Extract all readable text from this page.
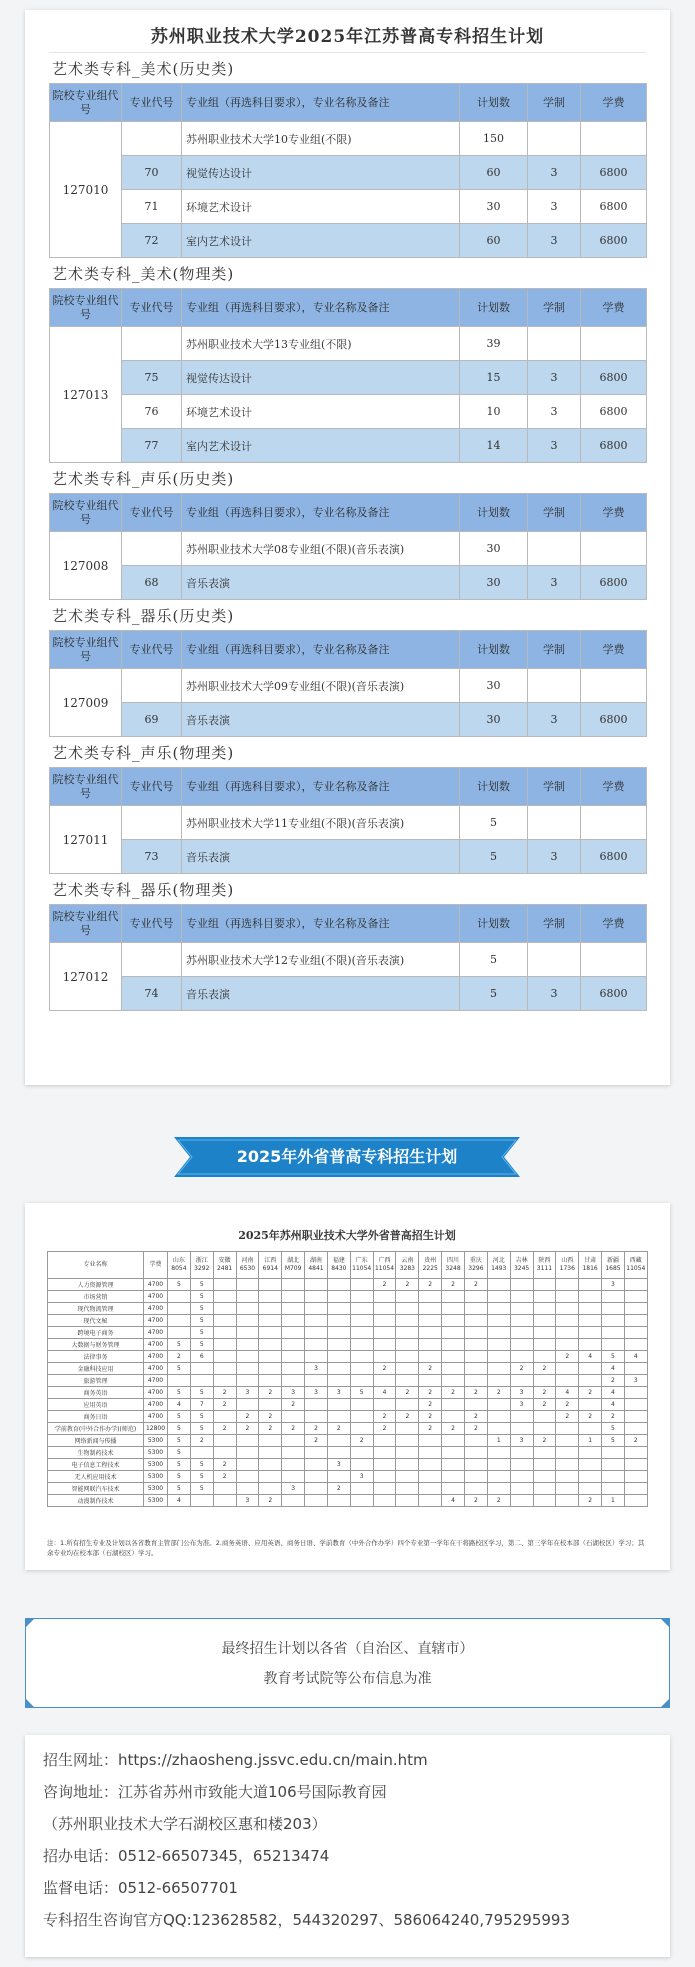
苏州职业技术大学2025年江苏普高专科招生计划
艺术类专科_美术(历史类)
院校专业组代号	专业代号	专业组（再选科目要求），专业名称及备注	计划数	学制	学费
127010		苏州职业技术大学10专业组(不限)	150		
	70	视觉传达设计	60	3	6800
	71	环境艺术设计	30	3	6800
	72	室内艺术设计	60	3	6800
艺术类专科_美术(物理类)
院校专业组代号	专业代号	专业组（再选科目要求），专业名称及备注	计划数	学制	学费
127013		苏州职业技术大学13专业组(不限)	39		
	75	视觉传达设计	15	3	6800
	76	环境艺术设计	10	3	6800
	77	室内艺术设计	14	3	6800
艺术类专科_声乐(历史类)
院校专业组代号	专业代号	专业组（再选科目要求），专业名称及备注	计划数	学制	学费
127008		苏州职业技术大学08专业组(不限)(音乐表演)	30		
	68	音乐表演	30	3	6800
艺术类专科_器乐(历史类)
院校专业组代号	专业代号	专业组（再选科目要求），专业名称及备注	计划数	学制	学费
127009		苏州职业技术大学09专业组(不限)(音乐表演)	30		
	69	音乐表演	30	3	6800
艺术类专科_声乐(物理类)
院校专业组代号	专业代号	专业组（再选科目要求），专业名称及备注	计划数	学制	学费
127011		苏州职业技术大学11专业组(不限)(音乐表演)	5		
	73	音乐表演	5	3	6800
艺术类专科_器乐(物理类)
院校专业组代号	专业代号	专业组（再选科目要求），专业名称及备注	计划数	学制	学费
127012		苏州职业技术大学12专业组(不限)(音乐表演)	5		
	74	音乐表演	5	3	6800
2025年外省普高专科招生计划
2025年苏州职业技术大学外省普高招生计划
专业名称	学费	山东 8054	浙江 3292	安徽 2481	河南 6530	江西 6914	湖北 M709	湖南 4841	福建 8430	广东 11054	广西 11054	云南 3283	贵州 2225	四川 3248	重庆 3296	河北 1493	吉林 3245	陕西 3111	山西 1736	甘肃 1816	新疆 1685	西藏 11054
人力资源管理	4700	5	5								2	2	2	2	2						3	
市场营销	4700		5																			
现代物流管理	4700		5																			
现代文秘	4700		5																			
跨境电子商务	4700		5																			
大数据与财务管理	4700	5	5																			
法律事务	4700	2	6																2	4	5	4
金融科技应用	4700	5						3			2		2				2	2			4	
旅游管理	4700																				2	3
商务英语	4700	5	5	2	3	2	3	3	3	5	4	2	2	2	2	2	3	2	4	2	4	
应用英语	4700	4	7	2			2						2				3	2	2		4	
商务日语	4700	5	5		2	2					2	2	2		2				2	2	2	
学前教育(中外合作办学)(师范)	12800	5	5	2	2	2	2	2	2		2		2	2	2						5	
网络新闻与传播	5300	5	2					2		2						1	3	2		1	5	2
生物制药技术	5300	5																				
电子信息工程技术	5300	5	5	2					3													
无人机应用技术	5300	5	5	2						3												
智能网联汽车技术	5300	5	5				3		2													
动漫制作技术	5300	4			3	2								4	2	2				2	1	
注：1.所有招生专业及计划以各省教育主管部门公布为准。2.商务英语、应用英语、商务日语、学前教育（中外合作办学）四个专业第一学年在干将路校区学习，第二、第三学年在校本部（石湖校区）学习；其余专业均在校本部（石湖校区）学习。
最终招生计划以各省（自治区、直辖市）
教育考试院等公布信息为准
招生网址：https://zhaosheng.jssvc.edu.cn/main.htm
咨询地址：江苏省苏州市致能大道106号国际教育园
（苏州职业技术大学石湖校区惠和楼203）
招办电话：0512-66507345，65213474
监督电话：0512-66507701
专科招生咨询官方QQ:123628582，544320297、586064240,795295993
